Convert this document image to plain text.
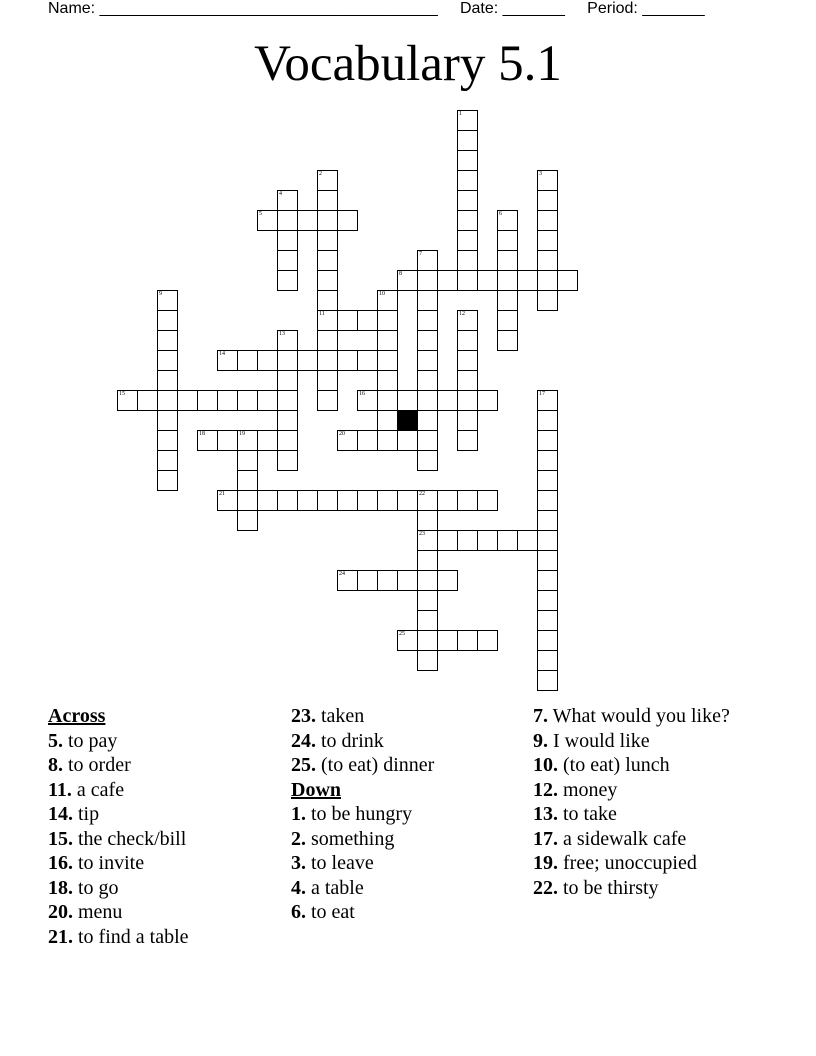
Name: ______________________________________ Date: _______ Period: _______
Vocabulary 5.1
1
2
11
3
4
5	6
7
8
9	10
12
13
14
15	16	17
18	19	20
21	22
23
24
25
Across
5. to pay
8. to order
11. a cafe
14. tip
15. the check/bill
16. to invite
18. to go
20. menu
21. to find a table
23. taken
24. to drink
25. (to eat) dinner
Down
1. to be hungry
2. something
3. to leave
4. a table
6. to eat
7. What would you like?
9. I would like
10. (to eat) lunch
12. money
13. to take
17. a sidewalk cafe
19. free; unoccupied
22. to be thirsty
